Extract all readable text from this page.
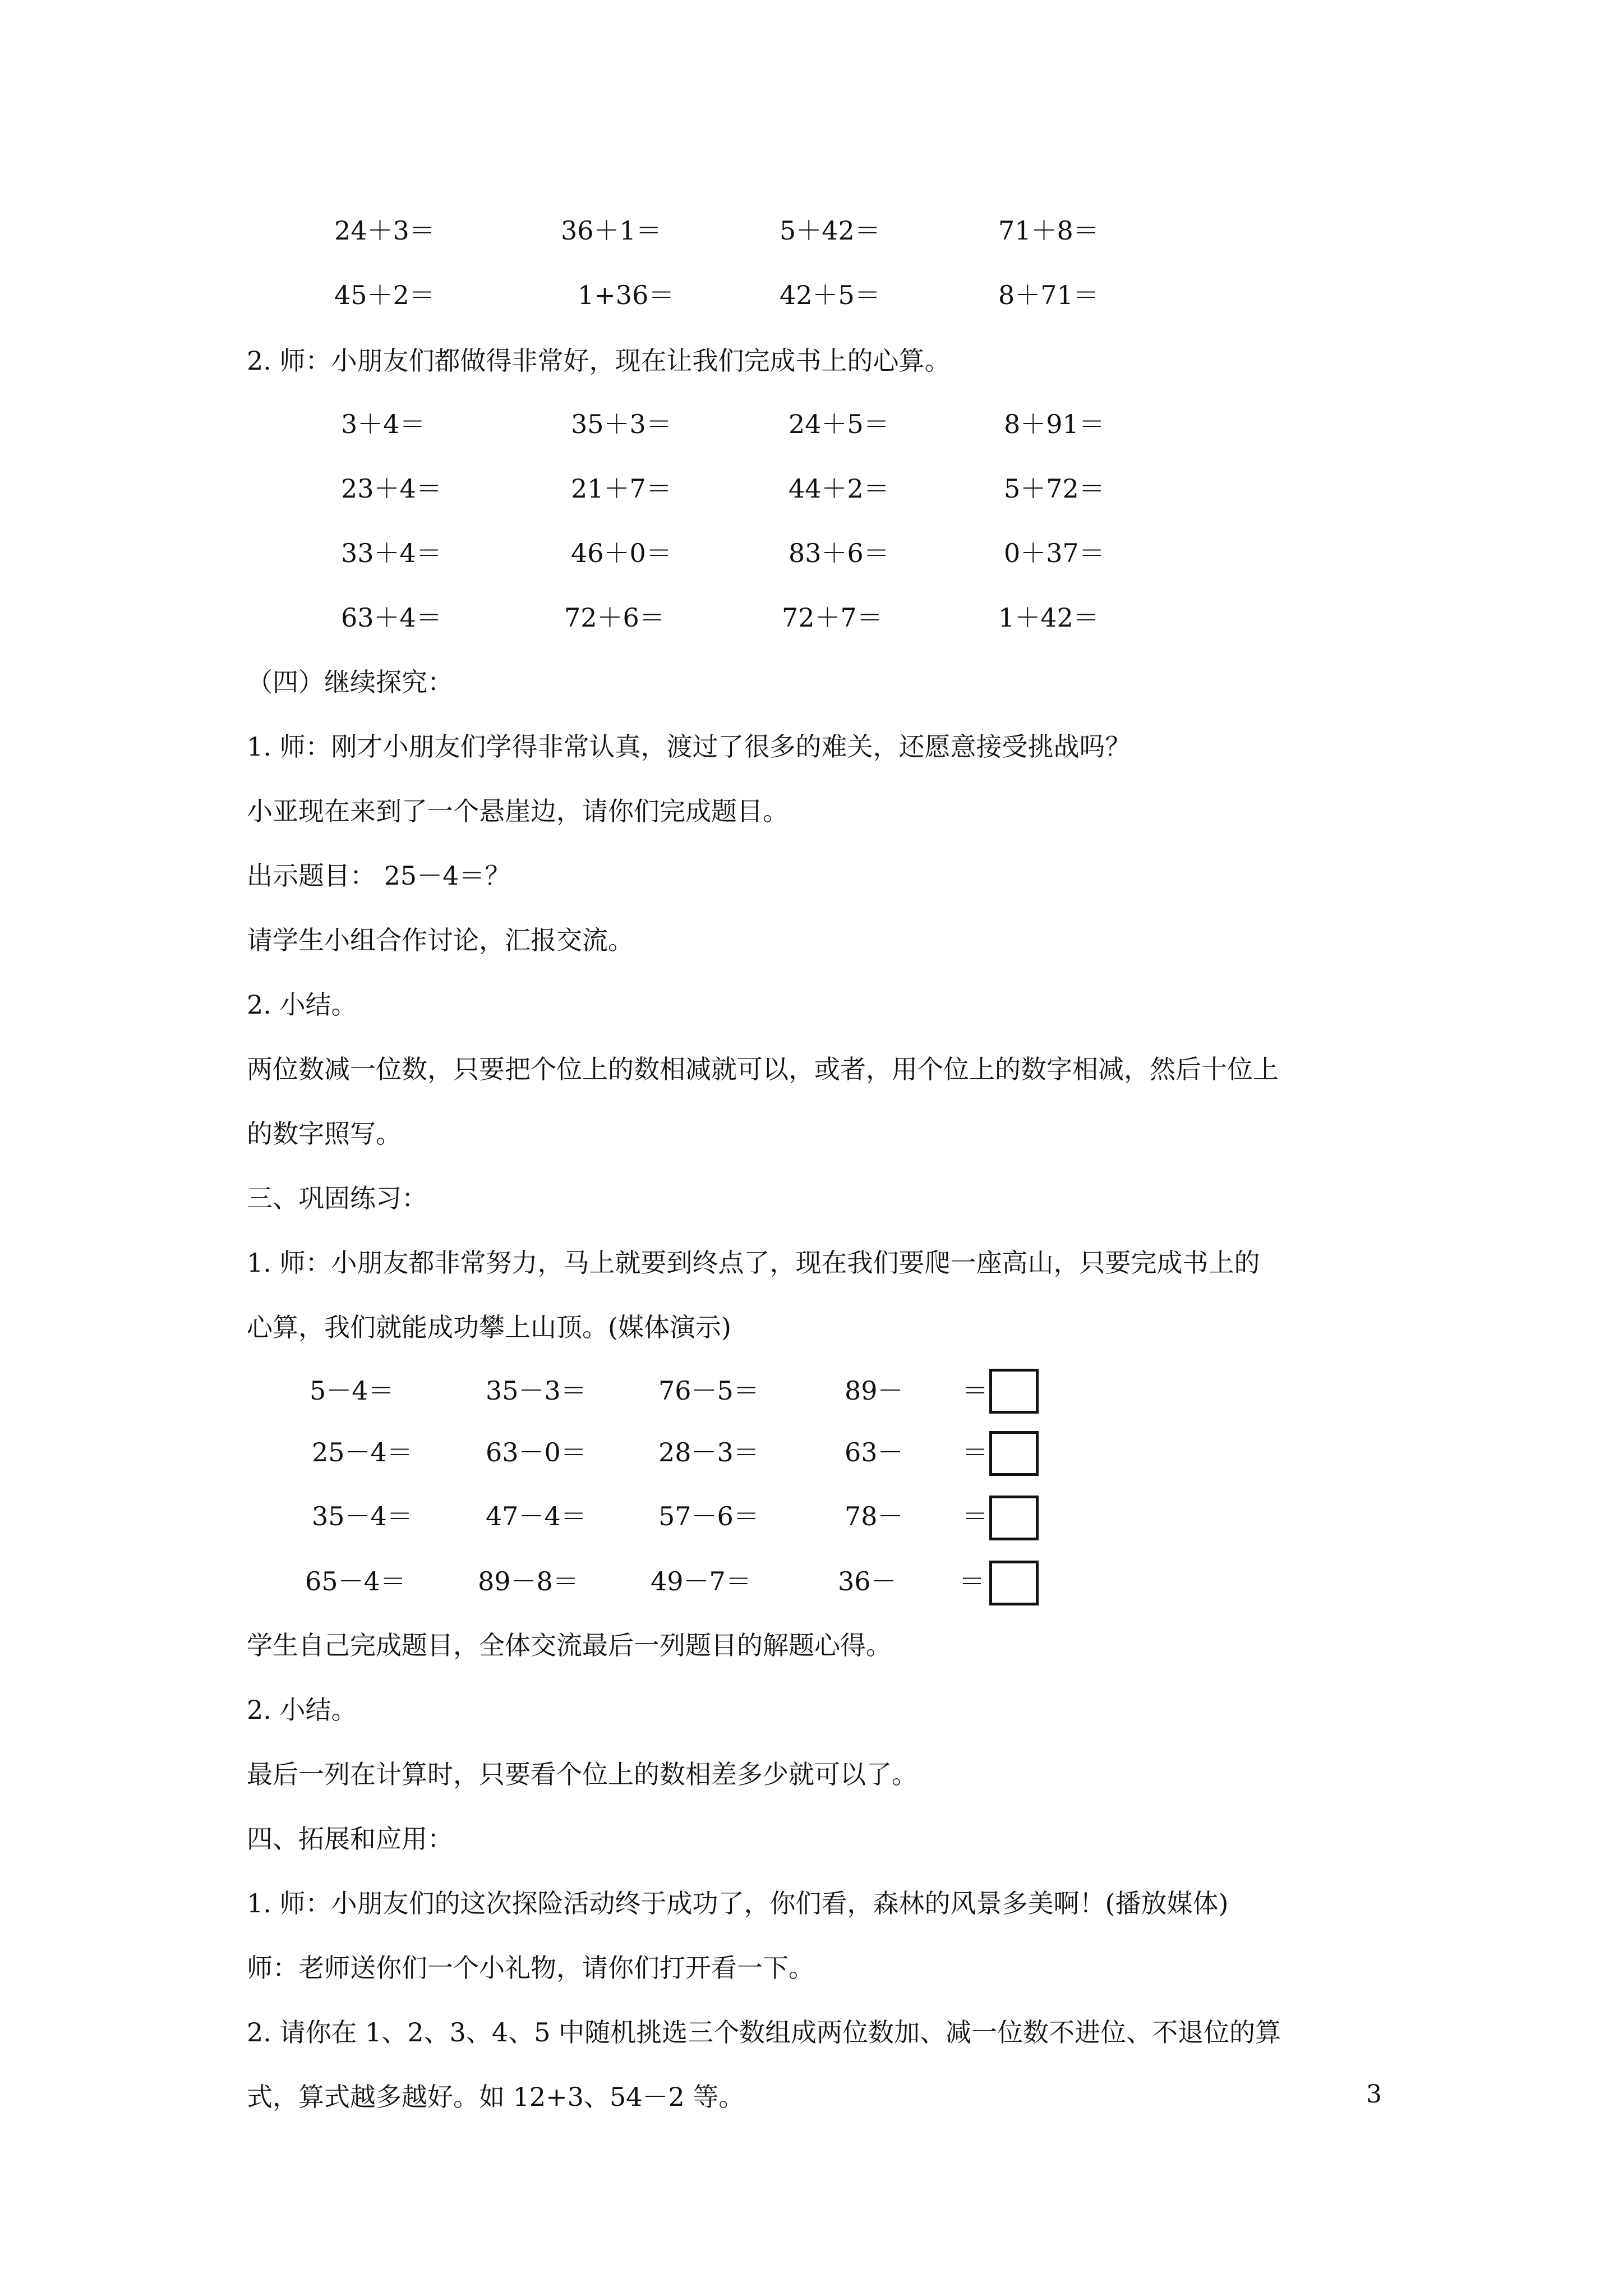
24＋3＝	36＋1＝	5＋42＝	71＋8＝
45＋2＝	1+36＝	42＋5＝	8＋71＝
2. 师：小朋友们都做得非常好，现在让我们完成书上的心算。
3＋4＝	35＋3＝	24＋5＝	8＋91＝
23＋4＝	21＋7＝	44＋2＝	5＋72＝
33＋4＝	46＋0＝	83＋6＝	0＋37＝
63＋4＝	72＋6＝	72＋7＝	1＋42＝
（四）继续探究：
1. 师：刚才小朋友们学得非常认真，渡过了很多的难关，还愿意接受挑战吗？
小亚现在来到了一个悬崖边，请你们完成题目。
出示题目： 25－4＝？
请学生小组合作讨论，汇报交流。
2. 小结。
两位数减一位数，只要把个位上的数相减就可以，或者，用个位上的数字相减，然后十位上
的数字照写。
三、巩固练习：
1. 师：小朋友都非常努力，马上就要到终点了，现在我们要爬一座高山，只要完成书上的
心算，我们就能成功攀上山顶。(媒体演示)
5－4＝	35－3＝	76－5＝	89－ ＝
25－4＝	63－0＝	28－3＝	63－ ＝
35－4＝	47－4＝	57－6＝	78－ ＝
65－4＝	89－8＝	49－7＝	36－ ＝
学生自己完成题目，全体交流最后一列题目的解题心得。
2. 小结。
最后一列在计算时，只要看个位上的数相差多少就可以了。
四、拓展和应用：
1. 师：小朋友们的这次探险活动终于成功了，你们看，森林的风景多美啊！(播放媒体)
师：老师送你们一个小礼物，请你们打开看一下。
2. 请你在 1、2、3、4、5 中随机挑选三个数组成两位数加、减一位数不进位、不退位的算
式，算式越多越好。如 12+3、54－2 等。	3
